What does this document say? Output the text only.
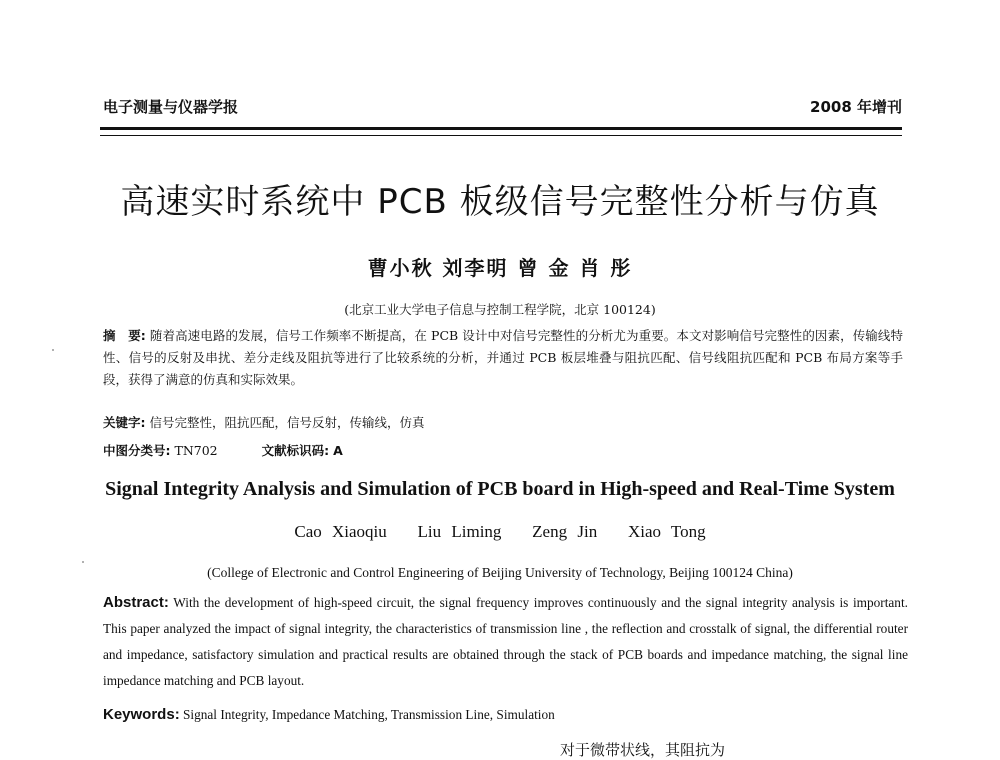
电子测量与仪器学报	2008 年增刊
高速实时系统中 PCB 板级信号完整性分析与仿真
曹小秋 刘李明 曾 金 肖 彤
(北京工业大学电子信息与控制工程学院，北京 100124)
摘　要: 随着高速电路的发展，信号工作频率不断提高，在 PCB 设计中对信号完整性的分析尤为重要。本文对影响信号完整性的因素，传输线特性、信号的反射及串扰、差分走线及阻抗等进行了比较系统的分析，并通过 PCB 板层堆叠与阻抗匹配、信号线阻抗匹配和 PCB 布局方案等手段，获得了满意的仿真和实际效果。
关键字: 信号完整性，阻抗匹配，信号反射，传输线，仿真
中图分类号: TN702	文献标识码: A
Signal Integrity Analysis and Simulation of PCB board in High-speed and Real-Time System
Cao Xiaoqiu   Liu Liming   Zeng Jin   Xiao Tong
(College of Electronic and Control Engineering of Beijing University of Technology, Beijing 100124 China)
Abstract: With the development of high-speed circuit, the signal frequency improves continuously and the signal integrity analysis is important. This paper analyzed the impact of signal integrity, the characteristics of transmission line , the reflection and crosstalk of signal, the differential router and impedance, satisfactory simulation and practical results are obtained through the stack of PCB boards and impedance matching, the signal line impedance matching and PCB layout.
Keywords: Signal Integrity, Impedance Matching, Transmission Line, Simulation
对于微带状线，其阻抗为
